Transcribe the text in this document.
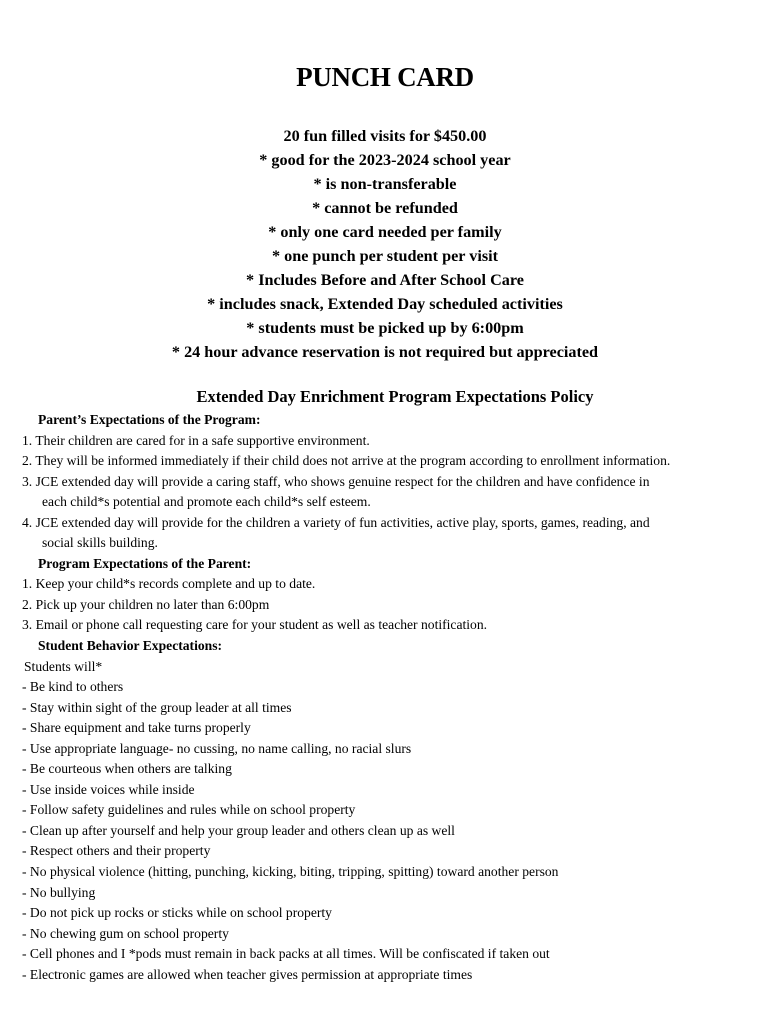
PUNCH CARD
20 fun filled visits for $450.00
* good for the 2023-2024 school year
* is non-transferable
* cannot be refunded
* only one card needed per family
* one punch per student per visit
* Includes Before and After School Care
* includes snack, Extended Day scheduled activities
* students must be picked up by 6:00pm
* 24 hour advance reservation is not required but appreciated
Extended Day Enrichment Program Expectations Policy
Parent’s Expectations of the Program:
1. Their children are cared for in a safe supportive environment.
2. They will be informed immediately if their child does not arrive at the program according to enrollment information.
3. JCE extended day will provide a caring staff, who shows genuine respect for the children and have confidence in
each child*s potential and promote each child*s self esteem.
4. JCE extended day will provide for the children a variety of fun activities, active play, sports, games, reading, and
social skills building.
Program Expectations of the Parent:
1. Keep your child*s records complete and up to date.
2. Pick up your children no later than 6:00pm
3. Email or phone call requesting care for your student as well as teacher notification.
Student Behavior Expectations:
Students will*
- Be kind to others
- Stay within sight of the group leader at all times
- Share equipment and take turns properly
- Use appropriate language- no cussing, no name calling, no racial slurs
- Be courteous when others are talking
- Use inside voices while inside
- Follow safety guidelines and rules while on school property
- Clean up after yourself and help your group leader and others clean up as well
- Respect others and their property
- No physical violence (hitting, punching, kicking, biting, tripping, spitting) toward another person
- No bullying
- Do not pick up rocks or sticks while on school property
- No chewing gum on school property
- Cell phones and I *pods must remain in back packs at all times. Will be confiscated if taken out
- Electronic games are allowed when teacher gives permission at appropriate times
